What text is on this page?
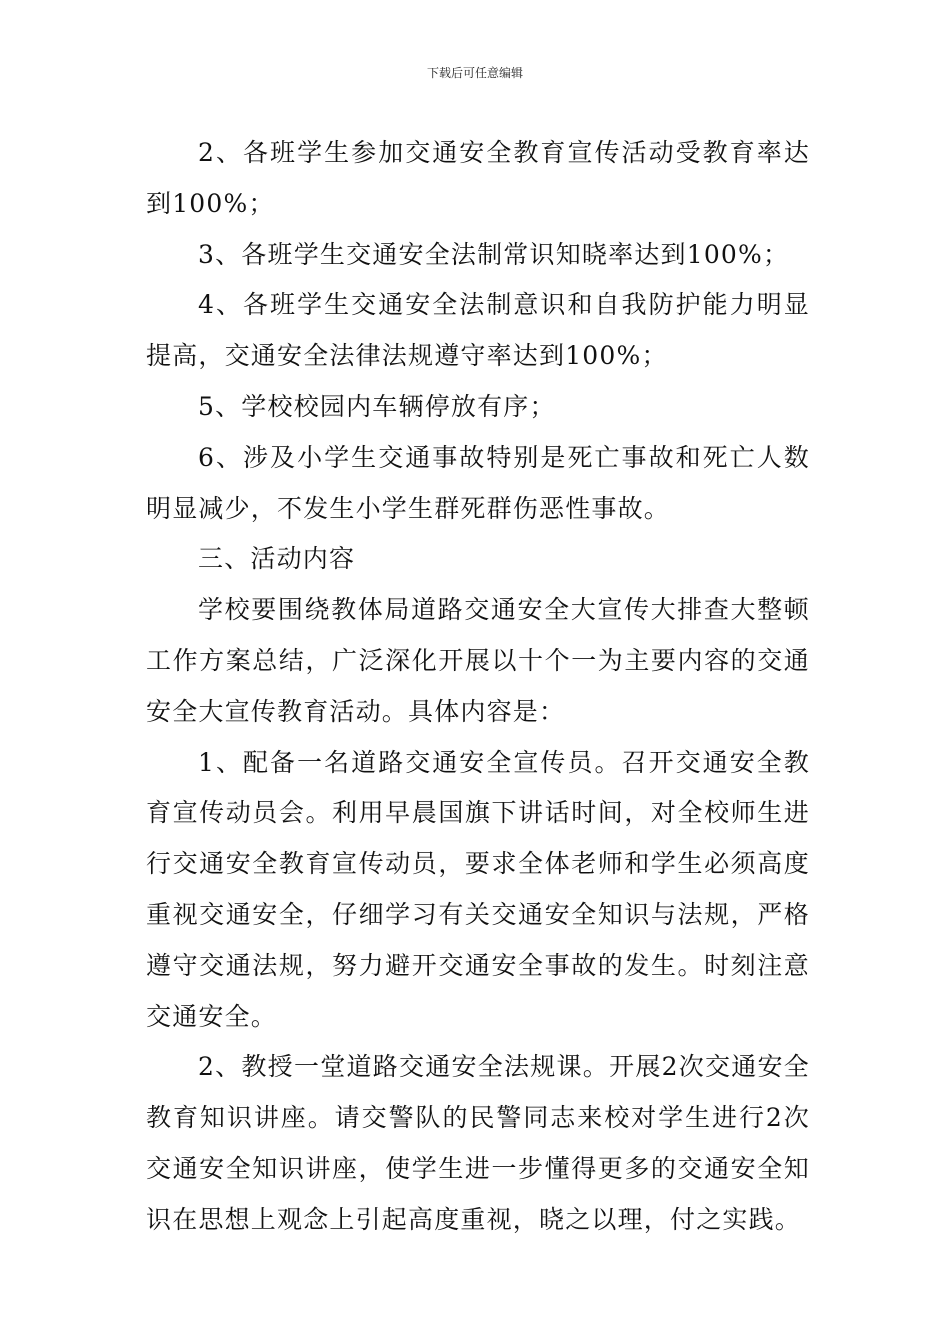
下载后可任意编辑

2、各班学生参加交通安全教育宣传活动受教育率达到100%；

3、各班学生交通安全法制常识知晓率达到100%；

4、各班学生交通安全法制意识和自我防护能力明显提高，交通安全法律法规遵守率达到100%；

5、学校校园内车辆停放有序；

6、涉及小学生交通事故特别是死亡事故和死亡人数明显减少，不发生小学生群死群伤恶性事故。

三、活动内容

学校要围绕教体局道路交通安全大宣传大排查大整顿工作方案总结，广泛深化开展以十个一为主要内容的交通安全大宣传教育活动。具体内容是：

1、配备一名道路交通安全宣传员。召开交通安全教育宣传动员会。利用早晨国旗下讲话时间，对全校师生进行交通安全教育宣传动员，要求全体老师和学生必须高度重视交通安全，仔细学习有关交通安全知识与法规，严格遵守交通法规，努力避开交通安全事故的发生。时刻注意交通安全。

2、教授一堂道路交通安全法规课。开展2次交通安全教育知识讲座。请交警队的民警同志来校对学生进行2次交通安全知识讲座，使学生进一步懂得更多的交通安全知识在思想上观念上引起高度重视，晓之以理，付之实践。
